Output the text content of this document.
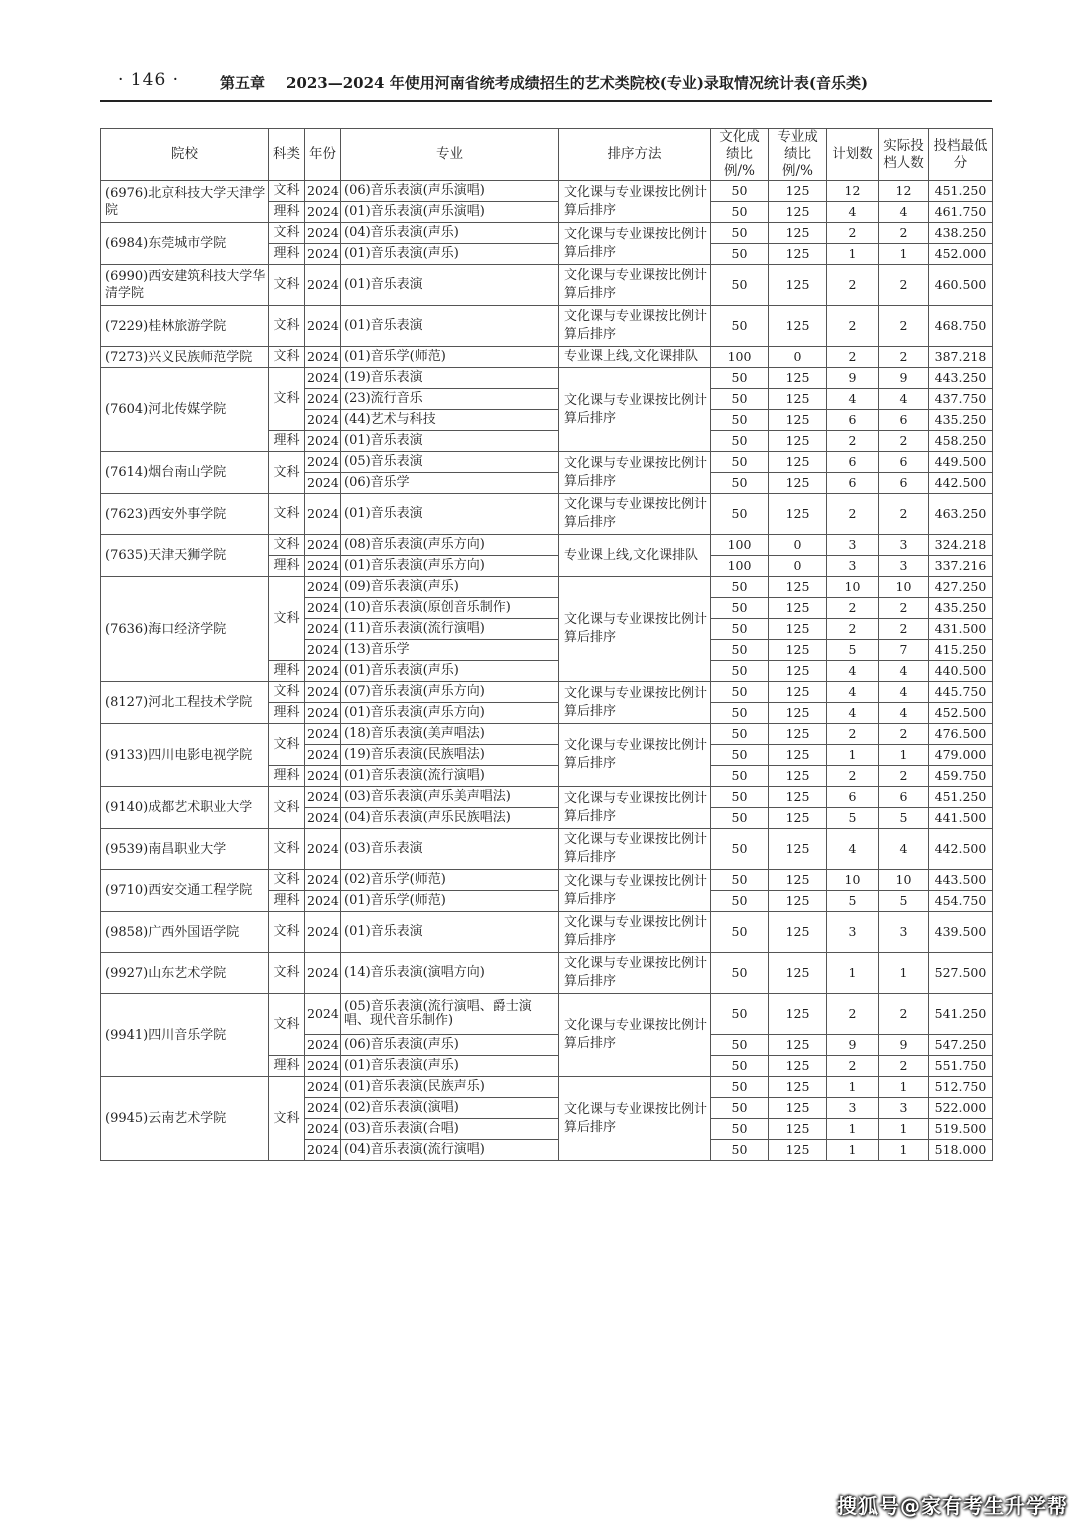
· 146 ·	第五章 2023—2024 年使用河南省统考成绩招生的艺术类院校(专业)录取情况统计表(音乐类)
院校	科类	年份	专业	排序方法	文化成绩比例/%	专业成绩比例/%	计划数	实际投档人数	投档最低分
(6976)北京科技大学天津学院	文科	2024	(06)音乐表演(声乐演唱)	文化课与专业课按比例计算后排序	50	125	12	12	451.250
	理科	2024	(01)音乐表演(声乐演唱)		50	125	4	4	461.750
(6984)东莞城市学院	文科	2024	(04)音乐表演(声乐)	文化课与专业课按比例计算后排序	50	125	2	2	438.250
	理科	2024	(01)音乐表演(声乐)		50	125	1	1	452.000
(6990)西安建筑科技大学华清学院	文科	2024	(01)音乐表演	文化课与专业课按比例计算后排序	50	125	2	2	460.500
(7229)桂林旅游学院	文科	2024	(01)音乐表演	文化课与专业课按比例计算后排序	50	125	2	2	468.750
(7273)兴义民族师范学院	文科	2024	(01)音乐学(师范)	专业课上线,文化课排队	100	0	2	2	387.218
(7604)河北传媒学院	文科	2024	(19)音乐表演	文化课与专业课按比例计算后排序	50	125	9	9	443.250
		2024	(23)流行音乐		50	125	4	4	437.750
		2024	(44)艺术与科技		50	125	6	6	435.250
	理科	2024	(01)音乐表演		50	125	2	2	458.250
(7614)烟台南山学院	文科	2024	(05)音乐表演	文化课与专业课按比例计算后排序	50	125	6	6	449.500
		2024	(06)音乐学		50	125	6	6	442.500
(7623)西安外事学院	文科	2024	(01)音乐表演	文化课与专业课按比例计算后排序	50	125	2	2	463.250
(7635)天津天狮学院	文科	2024	(08)音乐表演(声乐方向)	专业课上线,文化课排队	100	0	3	3	324.218
	理科	2024	(01)音乐表演(声乐方向)		100	0	3	3	337.216
(7636)海口经济学院	文科	2024	(09)音乐表演(声乐)	文化课与专业课按比例计算后排序	50	125	10	10	427.250
		2024	(10)音乐表演(原创音乐制作)		50	125	2	2	435.250
		2024	(11)音乐表演(流行演唱)		50	125	2	2	431.500
		2024	(13)音乐学		50	125	5	7	415.250
	理科	2024	(01)音乐表演(声乐)		50	125	4	4	440.500
(8127)河北工程技术学院	文科	2024	(07)音乐表演(声乐方向)	文化课与专业课按比例计算后排序	50	125	4	4	445.750
	理科	2024	(01)音乐表演(声乐方向)		50	125	4	4	452.500
(9133)四川电影电视学院	文科	2024	(18)音乐表演(美声唱法)	文化课与专业课按比例计算后排序	50	125	2	2	476.500
		2024	(19)音乐表演(民族唱法)		50	125	1	1	479.000
	理科	2024	(01)音乐表演(流行演唱)		50	125	2	2	459.750
(9140)成都艺术职业大学	文科	2024	(03)音乐表演(声乐美声唱法)	文化课与专业课按比例计算后排序	50	125	6	6	451.250
		2024	(04)音乐表演(声乐民族唱法)		50	125	5	5	441.500
(9539)南昌职业大学	文科	2024	(03)音乐表演	文化课与专业课按比例计算后排序	50	125	4	4	442.500
(9710)西安交通工程学院	文科	2024	(02)音乐学(师范)	文化课与专业课按比例计算后排序	50	125	10	10	443.500
	理科	2024	(01)音乐学(师范)		50	125	5	5	454.750
(9858)广西外国语学院	文科	2024	(01)音乐表演	文化课与专业课按比例计算后排序	50	125	3	3	439.500
(9927)山东艺术学院	文科	2024	(14)音乐表演(演唱方向)	文化课与专业课按比例计算后排序	50	125	1	1	527.500
(9941)四川音乐学院	文科	2024	(05)音乐表演(流行演唱、爵士演唱、现代音乐制作)	文化课与专业课按比例计算后排序	50	125	2	2	541.250
		2024	(06)音乐表演(声乐)		50	125	9	9	547.250
	理科	2024	(01)音乐表演(声乐)		50	125	2	2	551.750
(9945)云南艺术学院	文科	2024	(01)音乐表演(民族声乐)	文化课与专业课按比例计算后排序	50	125	1	1	512.750
		2024	(02)音乐表演(演唱)		50	125	3	3	522.000
		2024	(03)音乐表演(合唱)		50	125	1	1	519.500
		2024	(04)音乐表演(流行演唱)		50	125	1	1	518.000
搜狐号@家有考生升学帮
